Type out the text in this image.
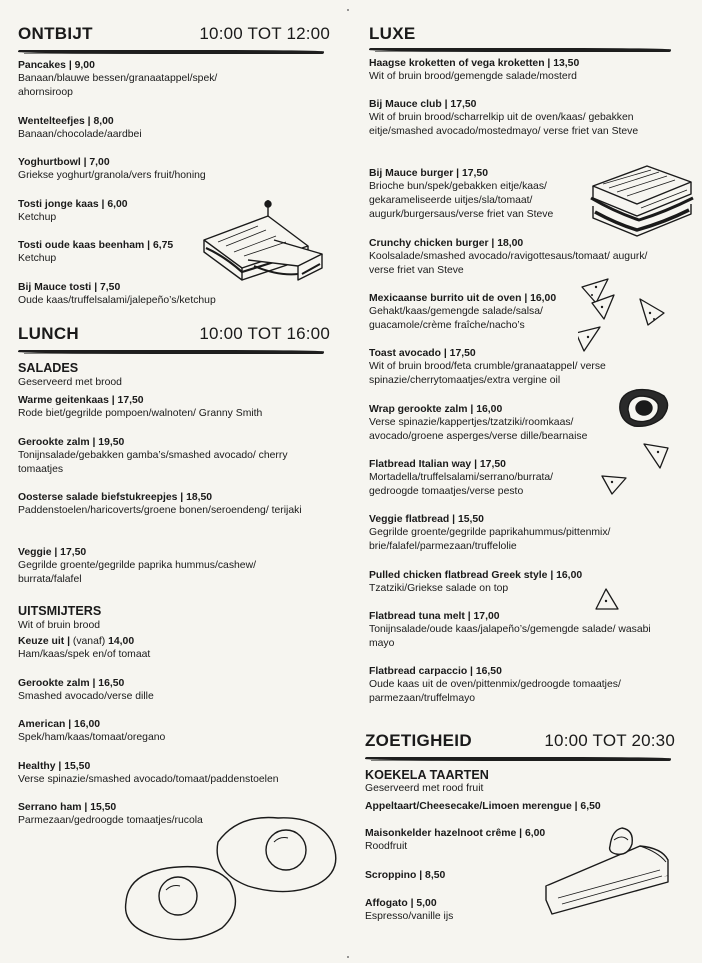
ONTBIJT	10:00 TOT 12:00
Pancakes | 9,00
Banaan/blauwe bessen/granaatappel/spek/ ahornsiroop
Wentelteefjes | 8,00
Banaan/chocolade/aardbei
Yoghurtbowl | 7,00
Griekse yoghurt/granola/vers fruit/honing
Tosti jonge kaas | 6,00
Ketchup
Tosti oude kaas beenham | 6,75
Ketchup
Bij Mauce tosti | 7,50
Oude kaas/truffelsalami/jalepeño’s/ketchup
LUNCH	10:00 TOT 16:00
SALADES
Geserveerd met brood
Warme geitenkaas | 17,50
Rode biet/gegrilde pompoen/walnoten/ Granny Smith
Gerookte zalm | 19,50
Tonijnsalade/gebakken gamba’s/smashed avocado/ cherry tomaatjes
Oosterse salade biefstukreepjes | 18,50
Paddenstoelen/haricoverts/groene bonen/seroendeng/ terijaki
Veggie | 17,50
Gegrilde groente/gegrilde paprika hummus/cashew/ burrata/falafel
UITSMIJTERS
Wit of bruin brood
Keuze uit | (vanaf) 14,00
Ham/kaas/spek en/of tomaat
Gerookte zalm | 16,50
Smashed avocado/verse dille
American | 16,00
Spek/ham/kaas/tomaat/oregano
Healthy | 15,50
Verse spinazie/smashed avocado/tomaat/paddenstoelen
Serrano ham | 15,50
Parmezaan/gedroogde tomaatjes/rucola
LUXE
Haagse kroketten of vega kroketten | 13,50
Wit of bruin brood/gemengde salade/mosterd
Bij Mauce club | 17,50
Wit of bruin brood/scharrelkip uit de oven/kaas/ gebakken eitje/smashed avocado/mostedmayo/ verse friet van Steve
Bij Mauce burger | 17,50
Brioche bun/spek/gebakken eitje/kaas/ gekarameliseerde uitjes/sla/tomaat/ augurk/burgersaus/verse friet van Steve
Crunchy chicken burger | 18,00
Koolsalade/smashed avocado/ravigottesaus/tomaat/ augurk/ verse friet van Steve
Mexicaanse burrito uit de oven | 16,00
Gehakt/kaas/gemengde salade/salsa/ guacamole/crème fraîche/nacho’s
Toast avocado | 17,50
Wit of bruin brood/feta crumble/granaatappel/ verse spinazie/cherrytomaatjes/extra vergine oil
Wrap gerookte zalm | 16,00
Verse spinazie/kappertjes/tzatziki/roomkaas/ avocado/groene asperges/verse dille/bearnaise
Flatbread Italian way | 17,50
Mortadella/truffelsalami/serrano/burrata/ gedroogde tomaatjes/verse pesto
Veggie flatbread | 15,50
Gegrilde groente/gegrilde paprikahummus/pittenmix/ brie/falafel/parmezaan/truffelolie
Pulled chicken flatbread Greek style | 16,00
Tzatziki/Griekse salade on top
Flatbread tuna melt | 17,00
Tonijnsalade/oude kaas/jalapeño’s/gemengde salade/ wasabi mayo
Flatbread carpaccio | 16,50
Oude kaas uit de oven/pittenmix/gedroogde tomaatjes/ parmezaan/truffelmayo
ZOETIGHEID	10:00 TOT 20:30
KOEKELA TAARTEN
Geserveerd met rood fruit
Appeltaart/Cheesecake/Limoen merengue | 6,50
Maisonkelder hazelnoot crême | 6,00
Roodfruit
Scroppino | 8,50
Affogato | 5,00
Espresso/vanille ijs
